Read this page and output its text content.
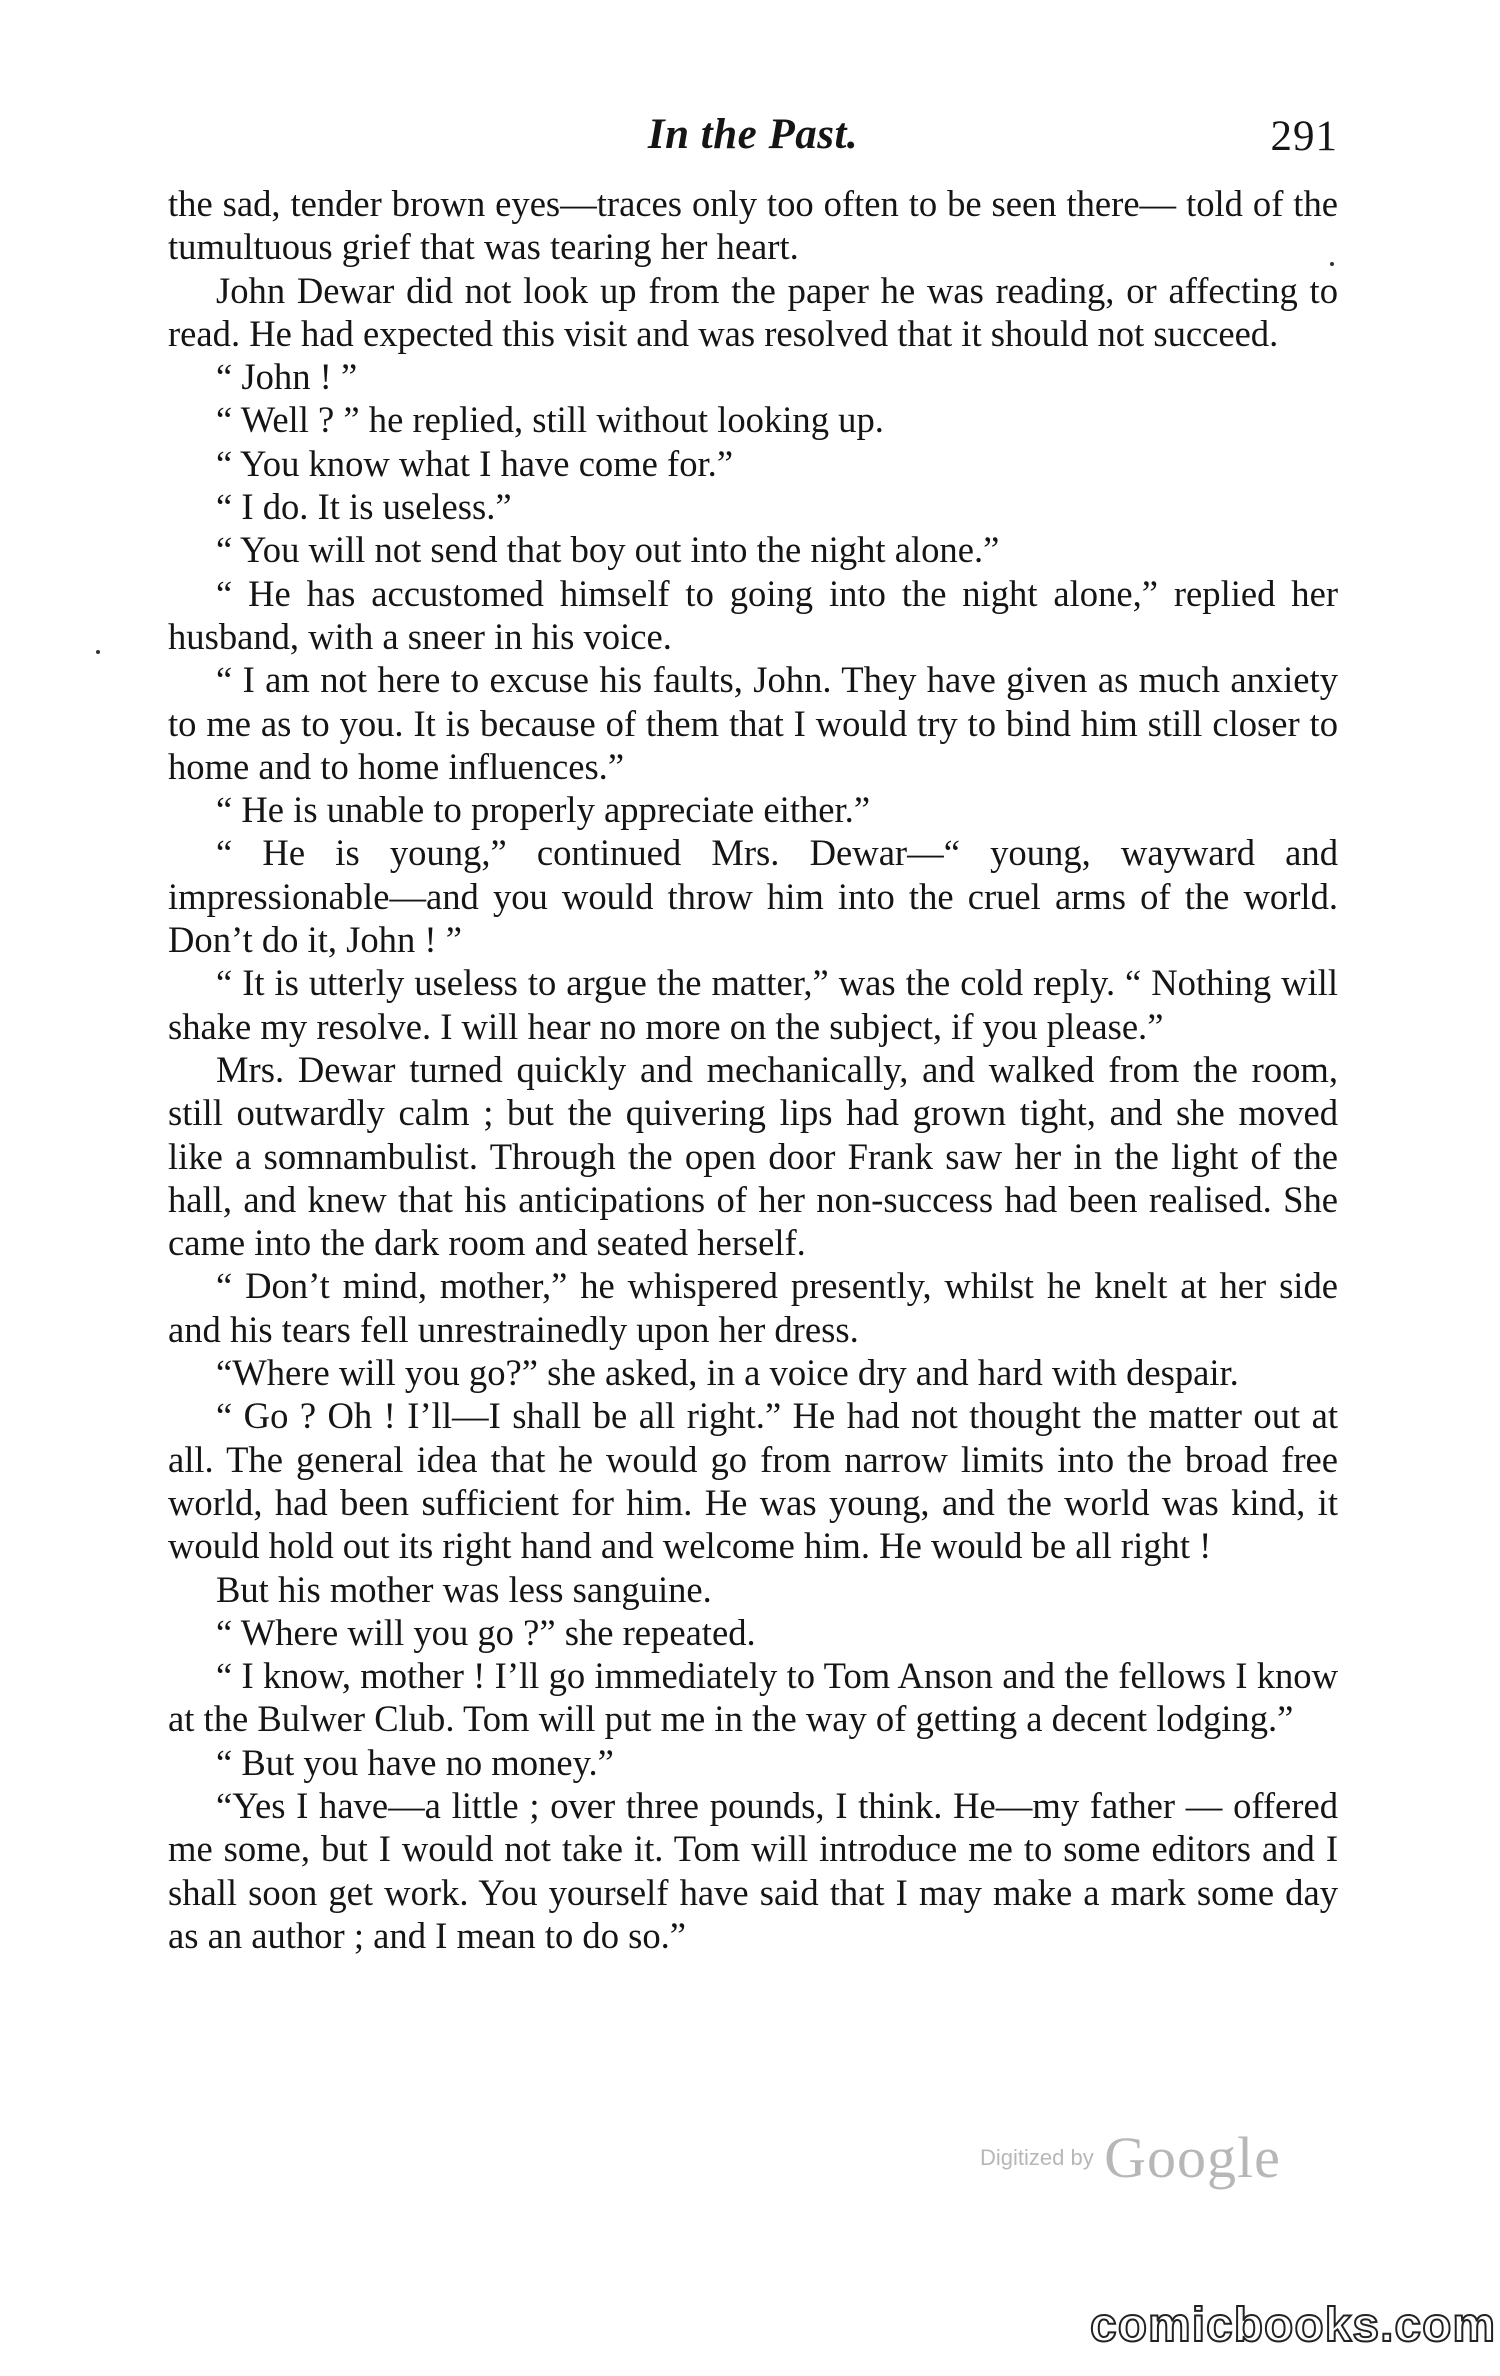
In the Past.	291

the sad, tender brown eyes—traces only too often to be seen there— told of the tumultuous grief that was tearing her heart.

John Dewar did not look up from the paper he was reading, or affecting to read. He had expected this visit and was resolved that it should not succeed.

“ John ! ”

“ Well ? ” he replied, still without looking up.

“ You know what I have come for.”

“ I do. It is useless.”

“ You will not send that boy out into the night alone.”

“ He has accustomed himself to going into the night alone,” replied her husband, with a sneer in his voice.

“ I am not here to excuse his faults, John. They have given as much anxiety to me as to you. It is because of them that I would try to bind him still closer to home and to home influences.”

“ He is unable to properly appreciate either.”

“ He is young,” continued Mrs. Dewar—“ young, wayward and impressionable—and you would throw him into the cruel arms of the world. Don’t do it, John ! ”

“ It is utterly useless to argue the matter,” was the cold reply. “ Nothing will shake my resolve. I will hear no more on the subject, if you please.”

Mrs. Dewar turned quickly and mechanically, and walked from the room, still outwardly calm ; but the quivering lips had grown tight, and she moved like a somnambulist. Through the open door Frank saw her in the light of the hall, and knew that his anticipations of her non-success had been realised. She came into the dark room and seated herself.

“ Don’t mind, mother,” he whispered presently, whilst he knelt at her side and his tears fell unrestrainedly upon her dress.

“Where will you go?” she asked, in a voice dry and hard with despair.

“ Go ? Oh ! I’ll—I shall be all right.” He had not thought the matter out at all. The general idea that he would go from narrow limits into the broad free world, had been sufficient for him. He was young, and the world was kind, it would hold out its right hand and welcome him. He would be all right !

But his mother was less sanguine.

“ Where will you go ?” she repeated.

“ I know, mother ! I’ll go immediately to Tom Anson and the fellows I know at the Bulwer Club. Tom will put me in the way of getting a decent lodging.”

“ But you have no money.”

“Yes I have—a little ; over three pounds, I think. He—my father — offered me some, but I would not take it. Tom will introduce me to some editors and I shall soon get work. You yourself have said that I may make a mark some day as an author ; and I mean to do so.”

Digitized by Google
comicbooks.com
